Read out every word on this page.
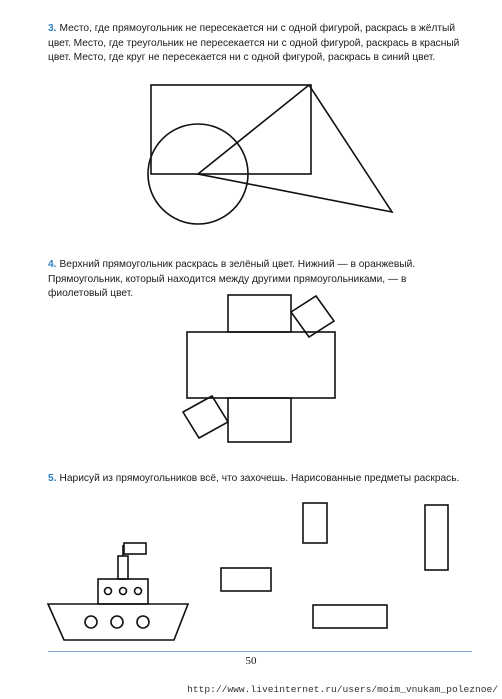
3. Место, где прямоугольник не пересекается ни с одной фигурой, раскрась в жёлтый цвет. Место, где треугольник не пересекается ни с одной фигурой, раскрась в красный цвет. Место, где круг не пересекается ни с одной фигурой, раскрась в синий цвет.

4. Верхний прямоугольник раскрась в зелёный цвет. Нижний — в оранжевый. Прямоугольник, который находится между другими прямоугольниками, — в фиолетовый цвет.

5. Нарисуй из прямоугольников всё, что захочешь. Нарисованные предметы раскрась.

50
http://www.liveinternet.ru/users/moim_vnukam_poleznoe/
